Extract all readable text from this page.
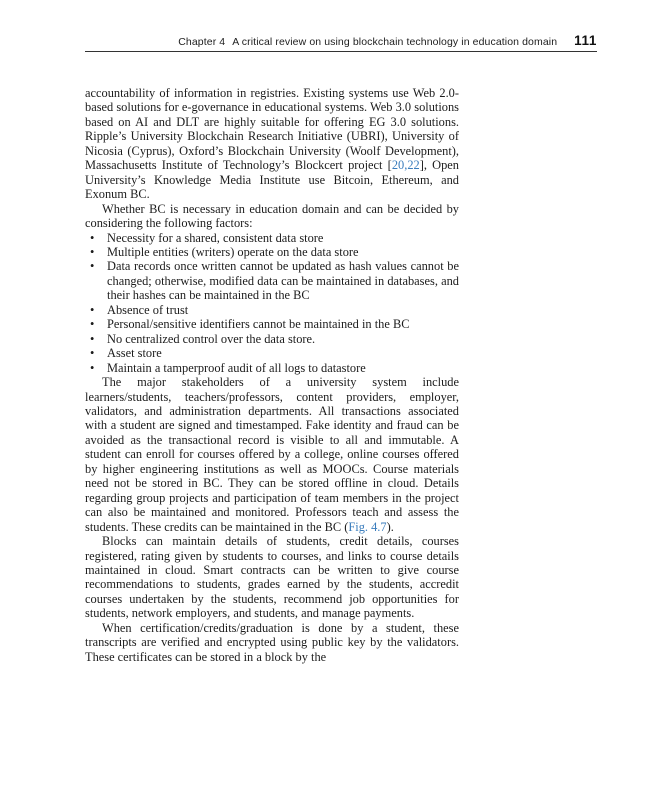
Chapter 4 A critical review on using blockchain technology in education domain 111

accountability of information in registries. Existing systems use Web 2.0-based solutions for e-governance in educational systems. Web 3.0 solutions based on AI and DLT are highly suitable for offering EG 3.0 solutions. Ripple’s University Blockchain Research Initiative (UBRI), University of Nicosia (Cyprus), Oxford’s Blockchain University (Woolf Development), Massachusetts Institute of Technology’s Blockcert project [20,22], Open University’s Knowledge Media Institute use Bitcoin, Ethereum, and Exonum BC.

Whether BC is necessary in education domain and can be decided by considering the following factors:

• Necessity for a shared, consistent data store
• Multiple entities (writers) operate on the data store
• Data records once written cannot be updated as hash values cannot be changed; otherwise, modified data can be maintained in databases, and their hashes can be maintained in the BC
• Absence of trust
• Personal/sensitive identifiers cannot be maintained in the BC
• No centralized control over the data store.
• Asset store
• Maintain a tamperproof audit of all logs to datastore

The major stakeholders of a university system include learners/students, teachers/professors, content providers, employer, validators, and administration departments. All transactions associated with a student are signed and timestamped. Fake identity and fraud can be avoided as the transactional record is visible to all and immutable. A student can enroll for courses offered by a college, online courses offered by higher engineering institutions as well as MOOCs. Course materials need not be stored in BC. They can be stored offline in cloud. Details regarding group projects and participation of team members in the project can also be maintained and monitored. Professors teach and assess the students. These credits can be maintained in the BC (Fig. 4.7).

Blocks can maintain details of students, credit details, courses registered, rating given by students to courses, and links to course details maintained in cloud. Smart contracts can be written to give course recommendations to students, grades earned by the students, accredit courses undertaken by the students, recommend job opportunities for students, network employers, and students, and manage payments.

When certification/credits/graduation is done by a student, these transcripts are verified and encrypted using public key by the validators. These certificates can be stored in a block by the
